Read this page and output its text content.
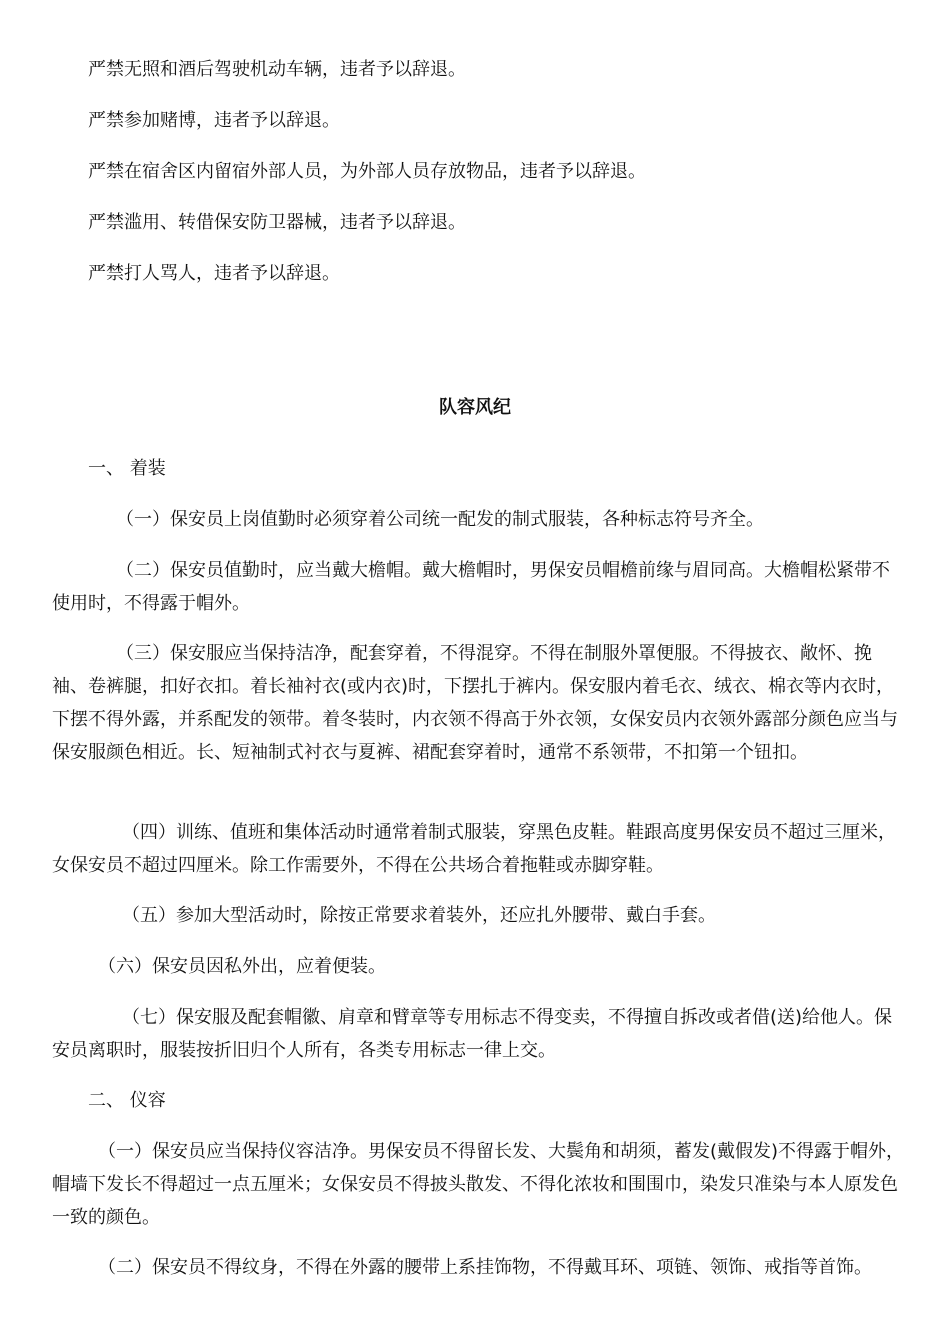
严禁无照和酒后驾驶机动车辆，违者予以辞退。

严禁参加赌博，违者予以辞退。

严禁在宿舍区内留宿外部人员，为外部人员存放物品，违者予以辞退。

严禁滥用、转借保安防卫器械，违者予以辞退。

严禁打人骂人，违者予以辞退。

队容风纪

一、 着装

（一）保安员上岗值勤时必须穿着公司统一配发的制式服装，各种标志符号齐全。

（二）保安员值勤时，应当戴大檐帽。戴大檐帽时，男保安员帽檐前缘与眉同高。大檐帽松紧带不使用时，不得露于帽外。

（三）保安服应当保持洁净，配套穿着，不得混穿。不得在制服外罩便服。不得披衣、敞怀、挽袖、卷裤腿，扣好衣扣。着长袖衬衣(或内衣)时，下摆扎于裤内。保安服内着毛衣、绒衣、棉衣等内衣时，下摆不得外露，并系配发的领带。着冬装时，内衣领不得高于外衣领，女保安员内衣领外露部分颜色应当与保安服颜色相近。长、短袖制式衬衣与夏裤、裙配套穿着时，通常不系领带，不扣第一个钮扣。

（四）训练、值班和集体活动时通常着制式服装，穿黑色皮鞋。鞋跟高度男保安员不超过三厘米，女保安员不超过四厘米。除工作需要外，不得在公共场合着拖鞋或赤脚穿鞋。

（五）参加大型活动时，除按正常要求着装外，还应扎外腰带、戴白手套。

（六）保安员因私外出，应着便装。

（七）保安服及配套帽徽、肩章和臂章等专用标志不得变卖，不得擅自拆改或者借(送)给他人。保安员离职时，服装按折旧归个人所有，各类专用标志一律上交。

二、 仪容

（一）保安员应当保持仪容洁净。男保安员不得留长发、大鬓角和胡须，蓄发(戴假发)不得露于帽外，帽墙下发长不得超过一点五厘米；女保安员不得披头散发、不得化浓妆和围围巾，染发只准染与本人原发色一致的颜色。

（二）保安员不得纹身，不得在外露的腰带上系挂饰物，不得戴耳环、项链、领饰、戒指等首饰。
